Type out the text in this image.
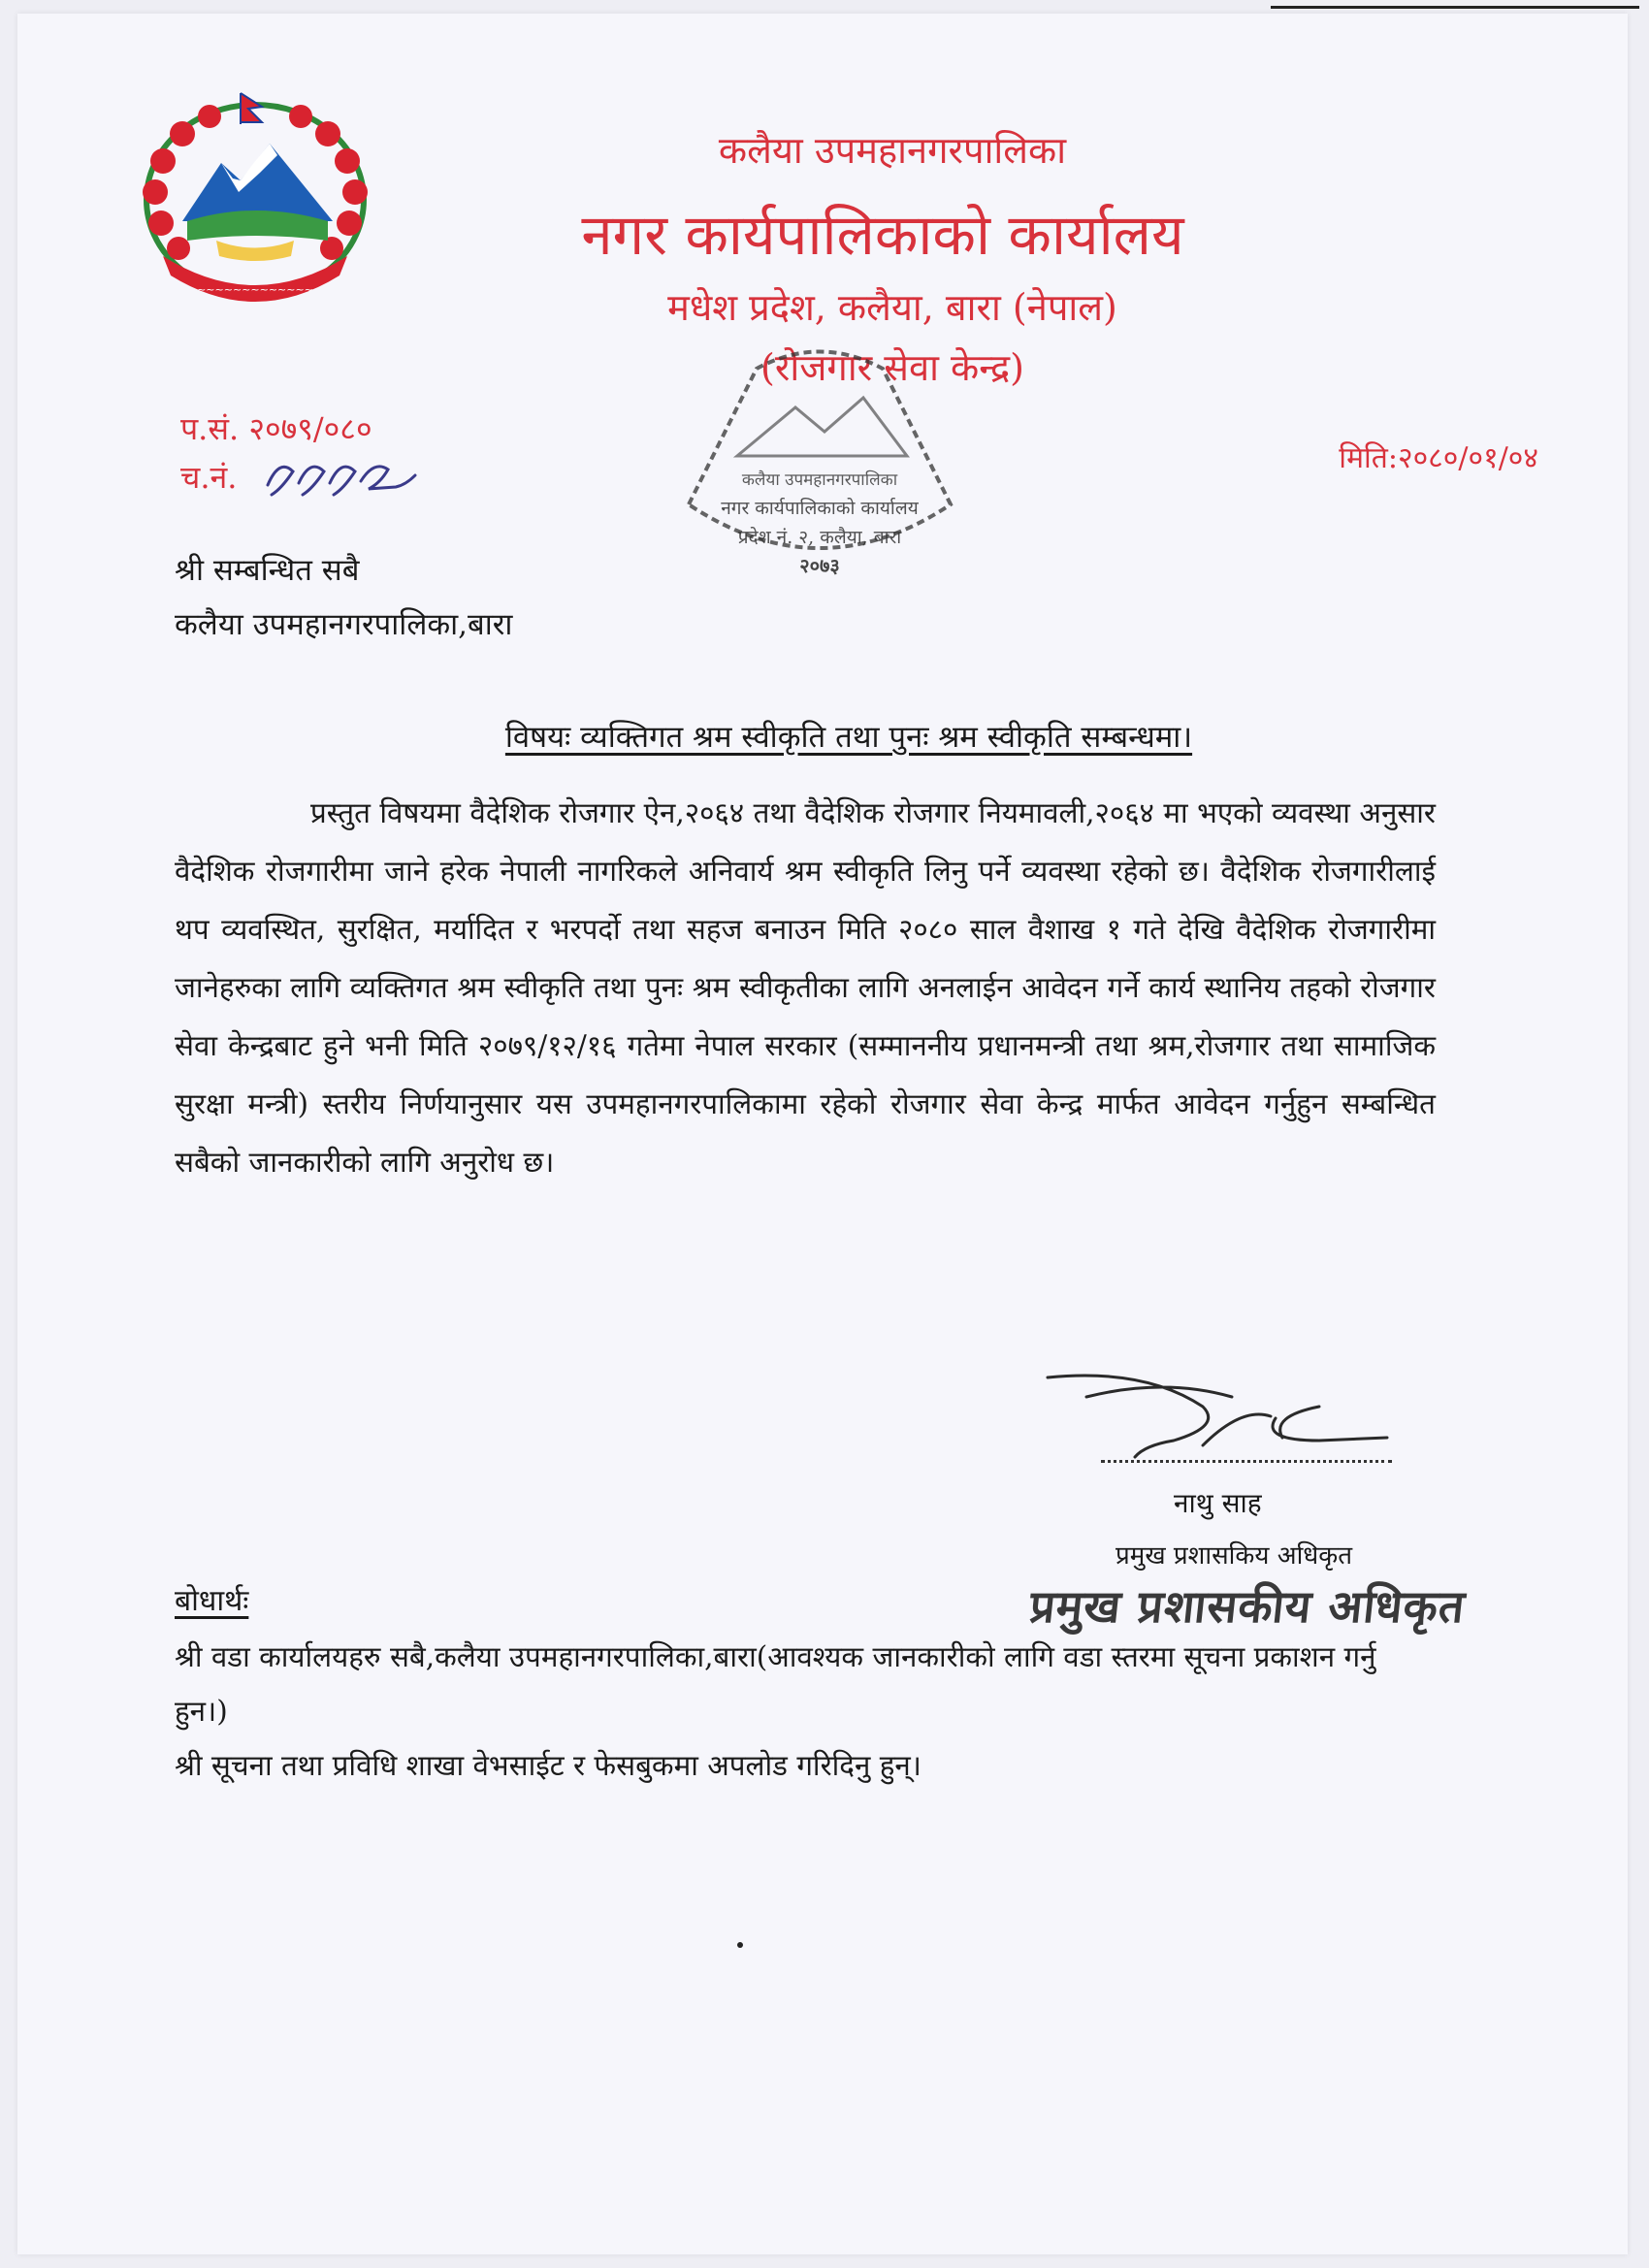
~~~~~~~~~~~~~
कलैया उपमहानगरपालिका
नगर कार्यपालिकाको कार्यालय
मधेश प्रदेश, कलैया, बारा (नेपाल)
(रोजगार सेवा केन्द्र)
प.सं. २०७९/०८०
च.नं.
मिति:२०८०/०१/०४
कलैया उपमहानगरपालिका
नगर कार्यपालिकाको कार्यालय
प्रदेश नं. २, कलैया, बारा
२०७३
श्री सम्बन्धित सबै
कलैया उपमहानगरपालिका,बारा
विषयः व्यक्तिगत श्रम स्वीकृति तथा पुनः श्रम स्वीकृति सम्बन्धमा।
प्रस्तुत विषयमा वैदेशिक रोजगार ऐन,२०६४ तथा वैदेशिक रोजगार नियमावली,२०६४ मा भएको व्यवस्था अनुसार वैदेशिक रोजगारीमा जाने हरेक नेपाली नागरिकले अनिवार्य श्रम स्वीकृति लिनु पर्ने व्यवस्था रहेको छ। वैदेशिक रोजगारीलाई थप व्यवस्थित, सुरक्षित, मर्यादित र भरपर्दो तथा सहज बनाउन मिति २०८० साल वैशाख १ गते देखि वैदेशिक रोजगारीमा जानेहरुका लागि व्यक्तिगत श्रम स्वीकृति तथा पुनः श्रम स्वीकृतीका लागि अनलाईन आवेदन गर्ने कार्य स्थानिय तहको रोजगार सेवा केन्द्रबाट हुने भनी मिति २०७९/१२/१६ गतेमा नेपाल सरकार (सम्माननीय प्रधानमन्त्री तथा श्रम,रोजगार तथा सामाजिक सुरक्षा मन्त्री) स्तरीय निर्णयानुसार यस उपमहानगरपालिकामा रहेको रोजगार सेवा केन्द्र मार्फत आवेदन गर्नुहुन सम्बन्धित सबैको जानकारीको लागि अनुरोध छ।
नाथु साह
प्रमुख प्रशासकिय अधिकृत
प्रमुख प्रशासकीय अधिकृत
बोधार्थः
श्री वडा कार्यालयहरु सबै,कलैया उपमहानगरपालिका,बारा(आवश्यक जानकारीको लागि वडा स्तरमा सूचना प्रकाशन गर्नु हुन।)
श्री सूचना तथा प्रविधि शाखा वेभसाईट र फेसबुकमा अपलोड गरिदिनु हुन्।
